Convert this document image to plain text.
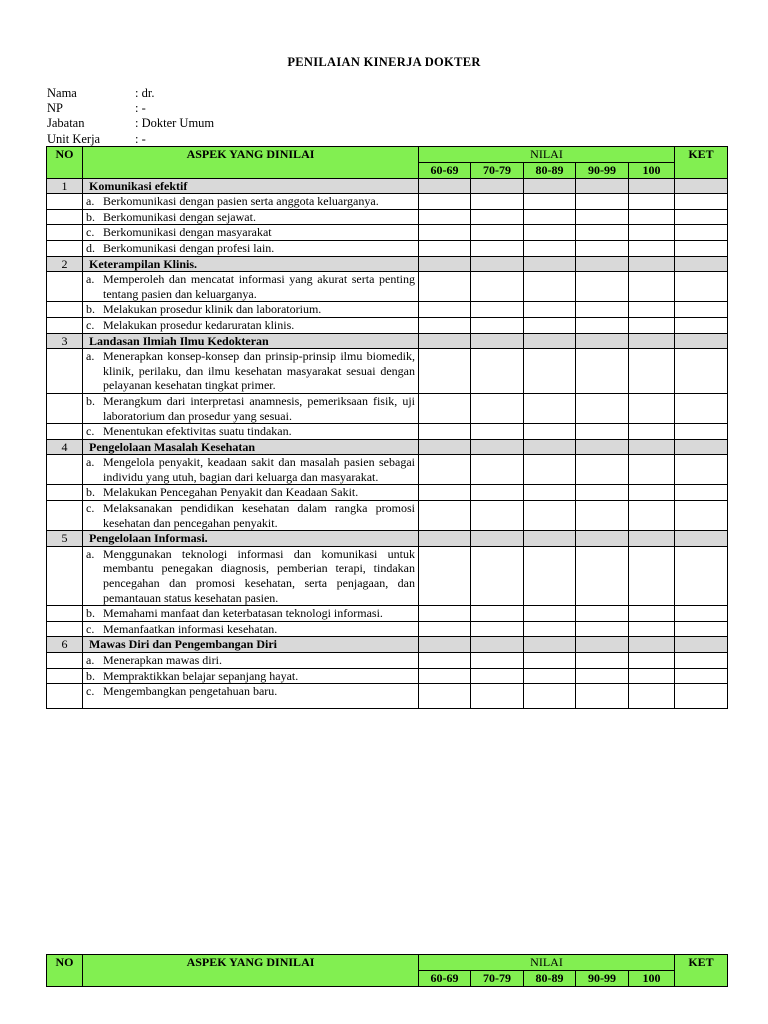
PENILAIAN KINERJA DOKTER
Nama	: dr.
NP	: -
Jabatan	: Dokter Umum
Unit Kerja	: -
NO	ASPEK YANG DINILAI	NILAI					KET
		60-69	70-79	80-89	90-99	100	
1	Komunikasi efektif						

	a. Berkomunikasi dengan pasien serta anggota keluarganya.						

	b. Berkomunikasi dengan sejawat.						

	c. Berkomunikasi dengan masyarakat						

	d. Berkomunikasi dengan profesi lain.						

2	Keterampilan Klinis.						

	a. Memperoleh dan mencatat informasi yang akurat serta penting tentang pasien dan keluarganya.						

	b. Melakukan prosedur klinik dan laboratorium.						

	c. Melakukan prosedur kedaruratan klinis.						

3	Landasan Ilmiah Ilmu Kedokteran						

	a. Menerapkan konsep-konsep dan prinsip-prinsip ilmu biomedik, klinik, perilaku, dan ilmu kesehatan masyarakat sesuai dengan pelayanan kesehatan tingkat primer.						

	b. Merangkum dari interpretasi anamnesis, pemeriksaan fisik, uji laboratorium dan prosedur yang sesuai.						

	c. Menentukan efektivitas suatu tindakan.						

4	Pengelolaan Masalah Kesehatan						

	a. Mengelola penyakit, keadaan sakit dan masalah pasien sebagai individu yang utuh, bagian dari keluarga dan masyarakat.						

	b. Melakukan Pencegahan Penyakit dan Keadaan Sakit.						

	c. Melaksanakan pendidikan kesehatan dalam rangka promosi kesehatan dan pencegahan penyakit.						

5	Pengelolaan Informasi.						

	a. Menggunakan teknologi informasi dan komunikasi untuk membantu penegakan diagnosis, pemberian terapi, tindakan pencegahan dan promosi kesehatan, serta penjagaan, dan pemantauan status kesehatan pasien.						

	b. Memahami manfaat dan keterbatasan teknologi informasi.						

	c. Memanfaatkan informasi kesehatan.						

6	Mawas Diri dan Pengembangan Diri						

	a. Menerapkan mawas diri.						

	b. Mempraktikkan belajar sepanjang hayat.						

	c. Mengembangkan pengetahuan baru.						

NO	ASPEK YANG DINILAI	NILAI					KET
		60-69	70-79	80-89	90-99	100	
